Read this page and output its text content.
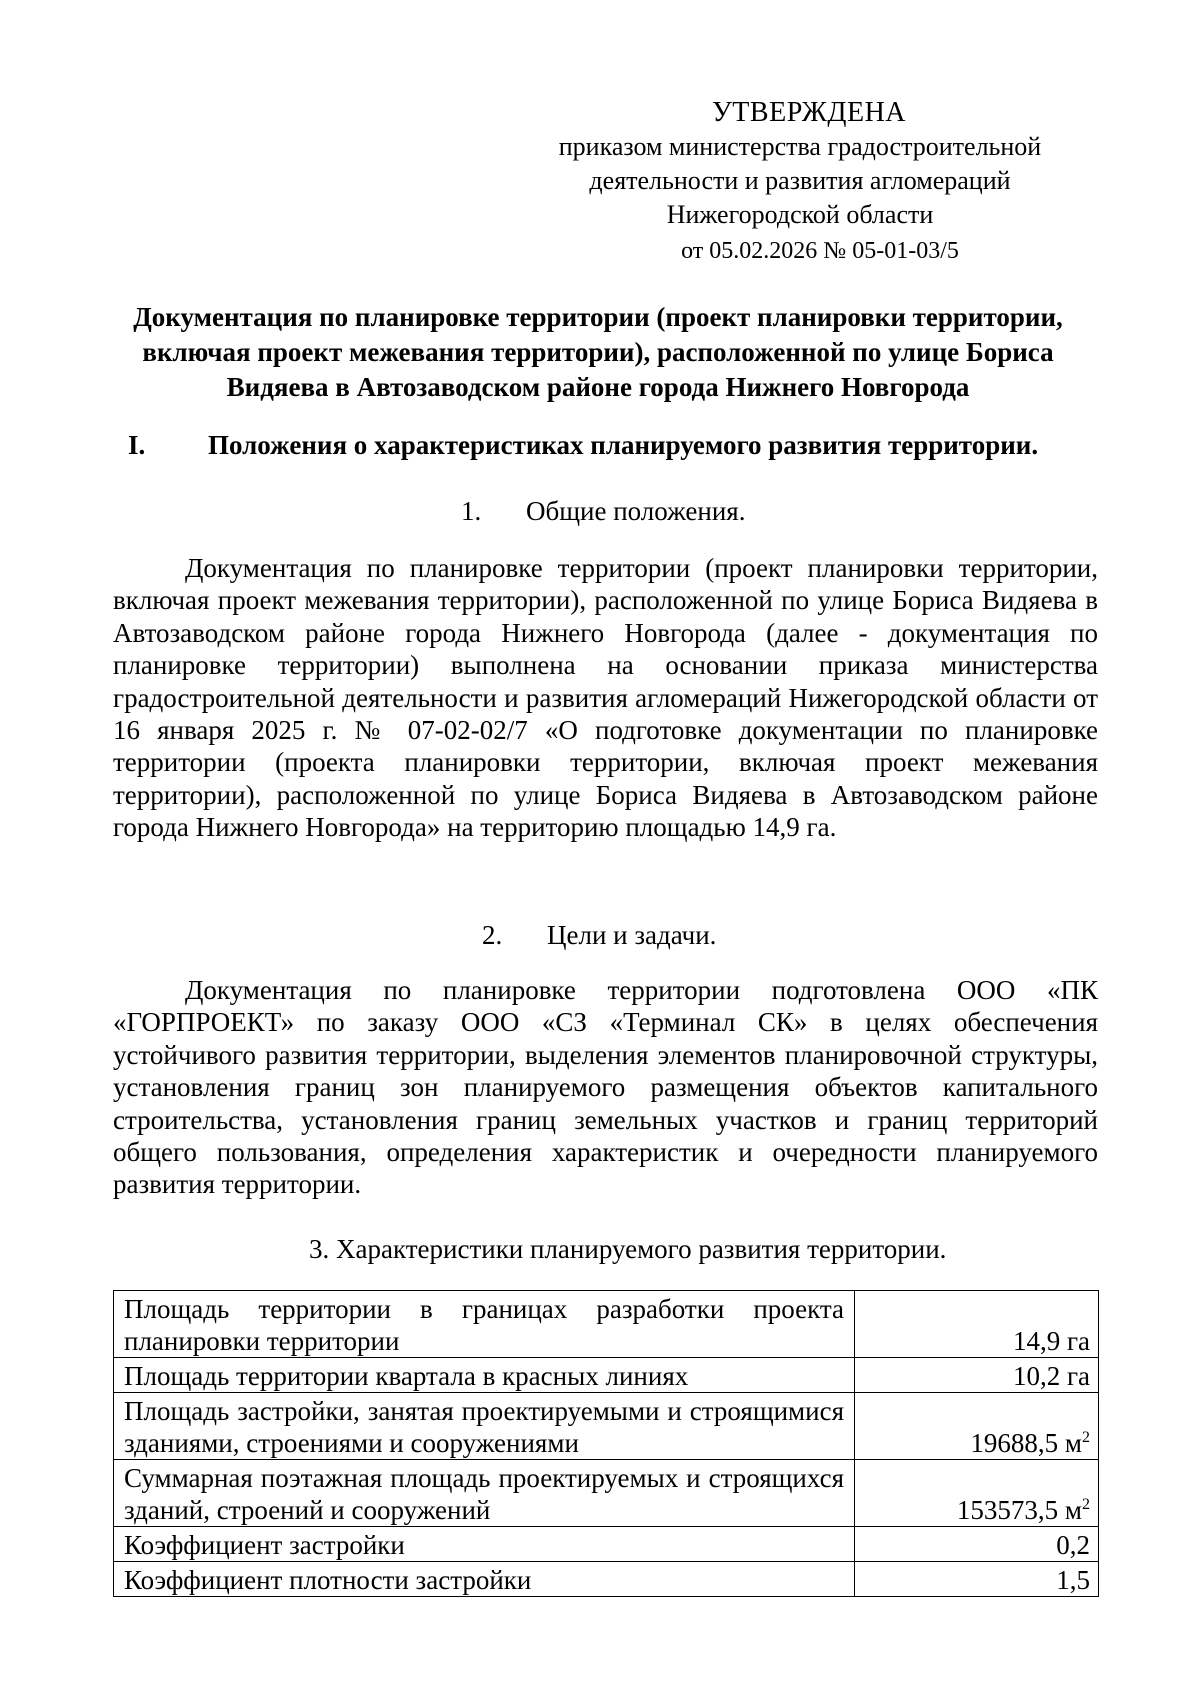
УТВЕРЖДЕНА
приказом министерства градостроительной
деятельности и развития агломераций
Нижегородской области
от 05.02.2026 № 05-01-03/5
Документация по планировке территории (проект планировки территории, включая проект межевания территории), расположенной по улице Бориса Видяева в Автозаводском районе города Нижнего Новгорода
I. Положения о характеристиках планируемого развития территории.
1. Общие положения.
Документация по планировке территории (проект планировки территории, включая проект межевания территории), расположенной по улице Бориса Видяева в Автозаводском районе города Нижнего Новгорода (далее - документация по планировке территории) выполнена на основании приказа министерства градостроительной деятельности и развития агломераций Нижегородской области от 16 января 2025 г. № 07-02-02/7 «О подготовке документации по планировке территории (проекта планировки территории, включая проект межевания территории), расположенной по улице Бориса Видяева в Автозаводском районе города Нижнего Новгорода» на территорию площадью 14,9 га.
2. Цели и задачи.
Документация по планировке территории подготовлена ООО «ПК «ГОРПРОЕКТ» по заказу ООО «СЗ «Терминал СК» в целях обеспечения устойчивого развития территории, выделения элементов планировочной структуры, установления границ зон планируемого размещения объектов капитального строительства, установления границ земельных участков и границ территорий общего пользования, определения характеристик и очередности планируемого развития территории.
3. Характеристики планируемого развития территории.
Площадь территории в границах разработки проекта планировки территории	14,9 га
Площадь территории квартала в красных линиях	10,2 га
Площадь застройки, занятая проектируемыми и строящимися зданиями, строениями и сооружениями	19688,5 $м^2$
Суммарная поэтажная площадь проектируемых и строящихся зданий, строений и сооружений	153573,5 $м^2$
Коэффициент застройки	0,2
Коэффициент плотности застройки	1,5
